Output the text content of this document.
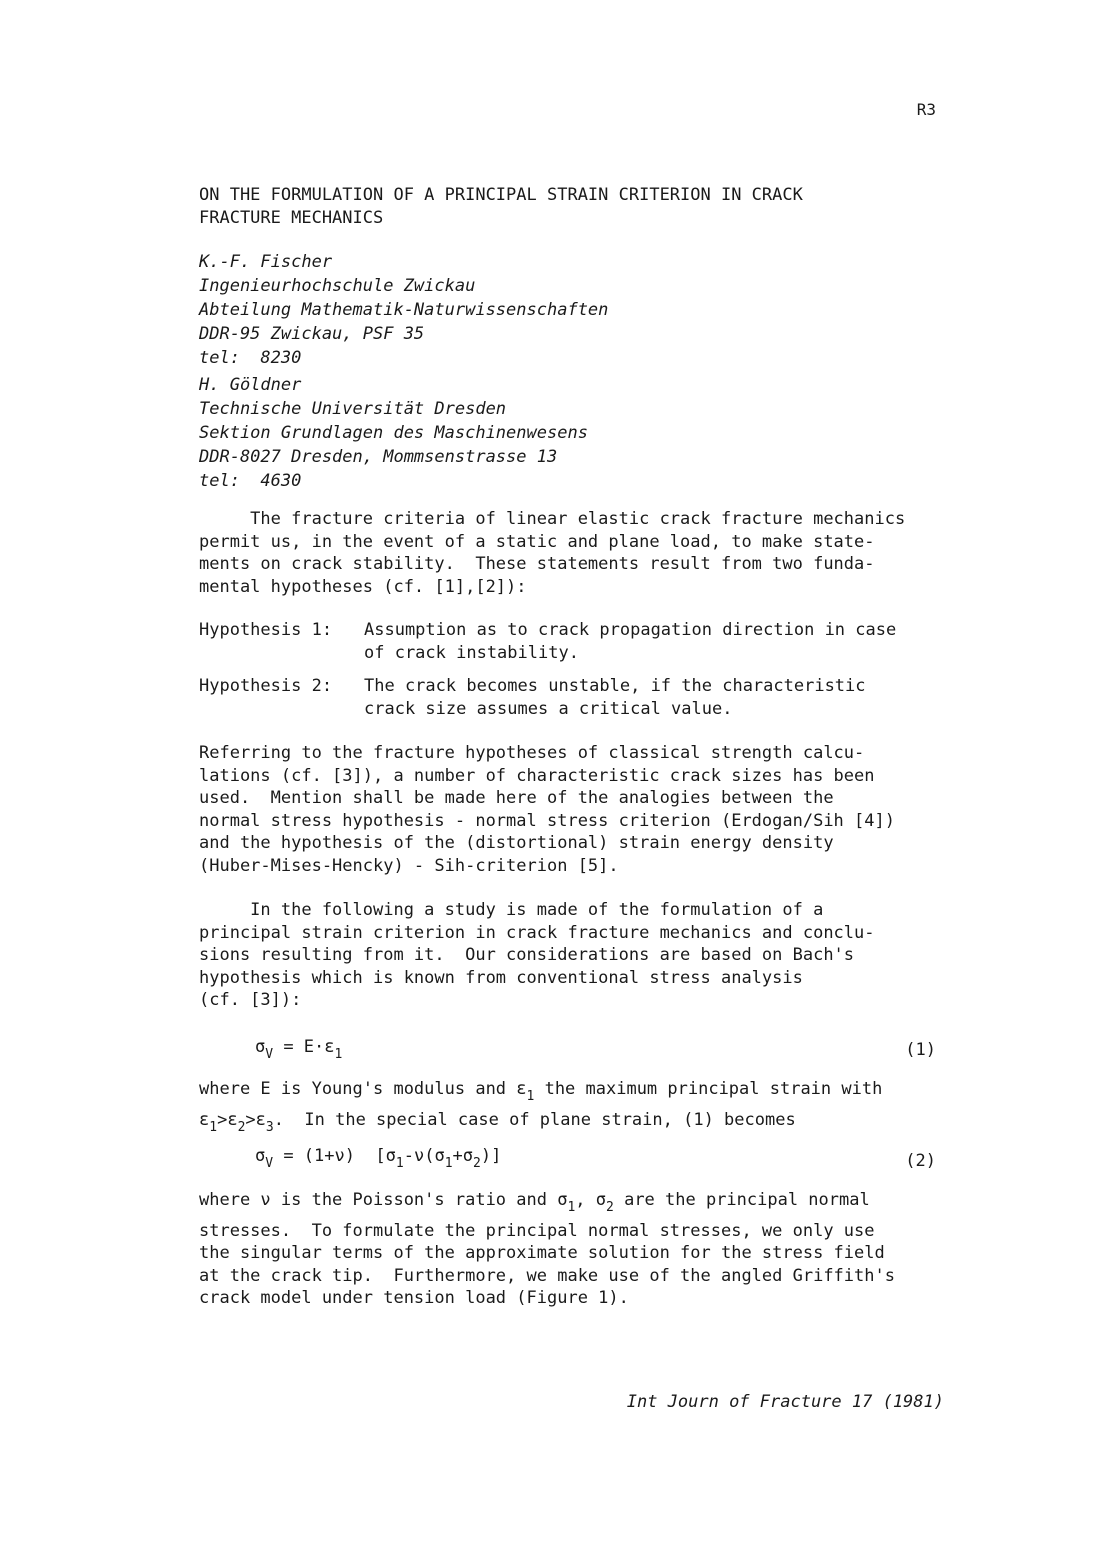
R3
ON THE FORMULATION OF A PRINCIPAL STRAIN CRITERION IN CRACK
FRACTURE MECHANICS
K.-F. Fischer
Ingenieurhochschule Zwickau
Abteilung Mathematik-Naturwissenschaften
DDR-95 Zwickau, PSF 35
tel:  8230
H. Göldner
Technische Universität Dresden
Sektion Grundlagen des Maschinenwesens
DDR-8027 Dresden, Mommsenstrasse 13
tel:  4630
The fracture criteria of linear elastic crack fracture mechanics
permit us, in the event of a static and plane load, to make state-
ments on crack stability.  These statements result from two funda-
mental hypotheses (cf. [1],[2]):

Hypothesis 1:

Assumption as to crack propagation direction in case
of crack instability.

Hypothesis 2:

The crack becomes unstable, if the characteristic
crack size assumes a critical value.

Referring to the fracture hypotheses of classical strength calcu-
lations (cf. [3]), a number of characteristic crack sizes has been
used.  Mention shall be made here of the analogies between the
normal stress hypothesis - normal stress criterion (Erdogan/Sih [4])
and the hypothesis of the (distortional) strain energy density
(Huber-Mises-Hencky) - Sih-criterion [5].
In the following a study is made of the formulation of a
principal strain criterion in crack fracture mechanics and conclu-
sions resulting from it.  Our considerations are based on Bach's
hypothesis which is known from conventional stress analysis
(cf. [3]):
$\sigma_V = E\cdot\varepsilon_1$	(1)
where E is Young's modulus and $\varepsilon_1$ the maximum principal strain with
$\varepsilon_1>\varepsilon_2>\varepsilon_3$.  In the special case of plane strain, (1) becomes
$\sigma_V = (1+\nu)$  $[\sigma_1-\nu(\sigma_1+\sigma_2)]$	(2)
where ν is the Poisson's ratio and $\sigma_1$, $\sigma_2$ are the principal normal
stresses.  To formulate the principal normal stresses, we only use
the singular terms of the approximate solution for the stress field
at the crack tip.  Furthermore, we make use of the angled Griffith's
crack model under tension load (Figure 1).
Int Journ of Fracture 17 (1981)
